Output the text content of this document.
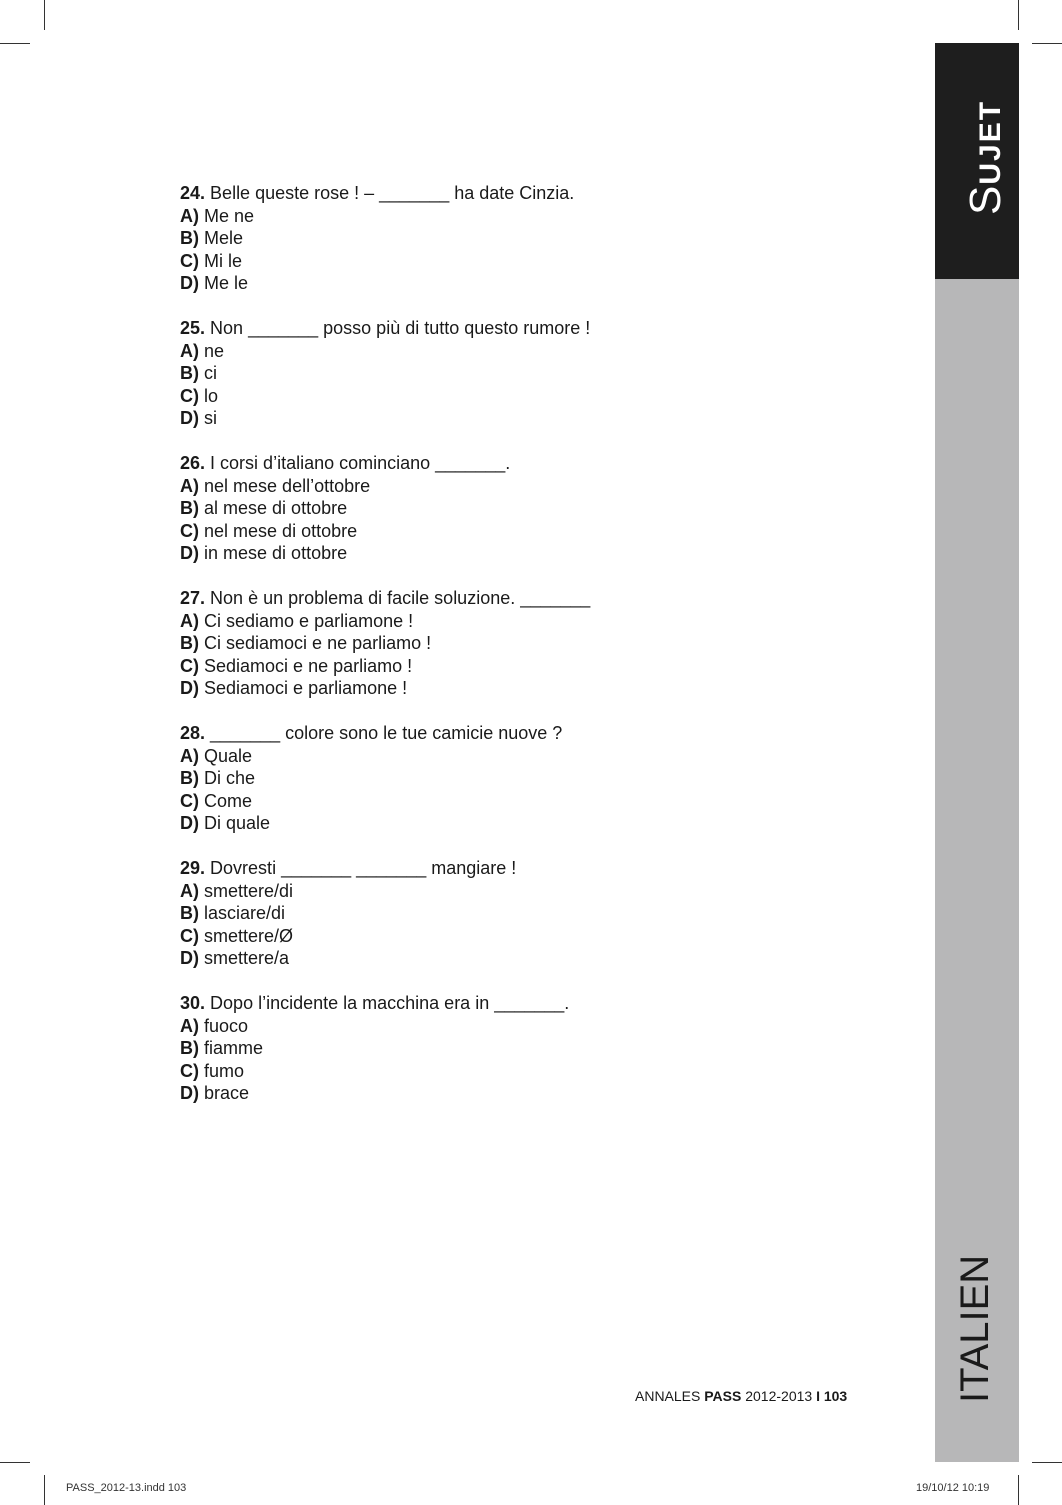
SUJET
ITALIEN
24. Belle queste rose ! – _______ ha date Cinzia.
A) Me ne
B) Mele
C) Mi le
D) Me le
25. Non _______ posso più di tutto questo rumore !
A) ne
B) ci
C) lo
D) si
26. I corsi d’italiano cominciano _______.
A) nel mese dell’ottobre
B) al mese di ottobre
C) nel mese di ottobre
D) in mese di ottobre
27. Non è un problema di facile soluzione. _______
A) Ci sediamo e parliamone !
B) Ci sediamoci e ne parliamo !
C) Sediamoci e ne parliamo !
D) Sediamoci e parliamone !
28. _______ colore sono le tue camicie nuove ?
A) Quale
B) Di che
C) Come
D) Di quale
29. Dovresti _______ _______ mangiare !
A) smettere/di
B) lasciare/di
C) smettere/Ø
D) smettere/a
30. Dopo l’incidente la macchina era in _______.
A) fuoco
B) fiamme
C) fumo
D) brace
ANNALES PASS 2012-2013 I 103
PASS_2012-13.indd 103	19/10/12 10:19
